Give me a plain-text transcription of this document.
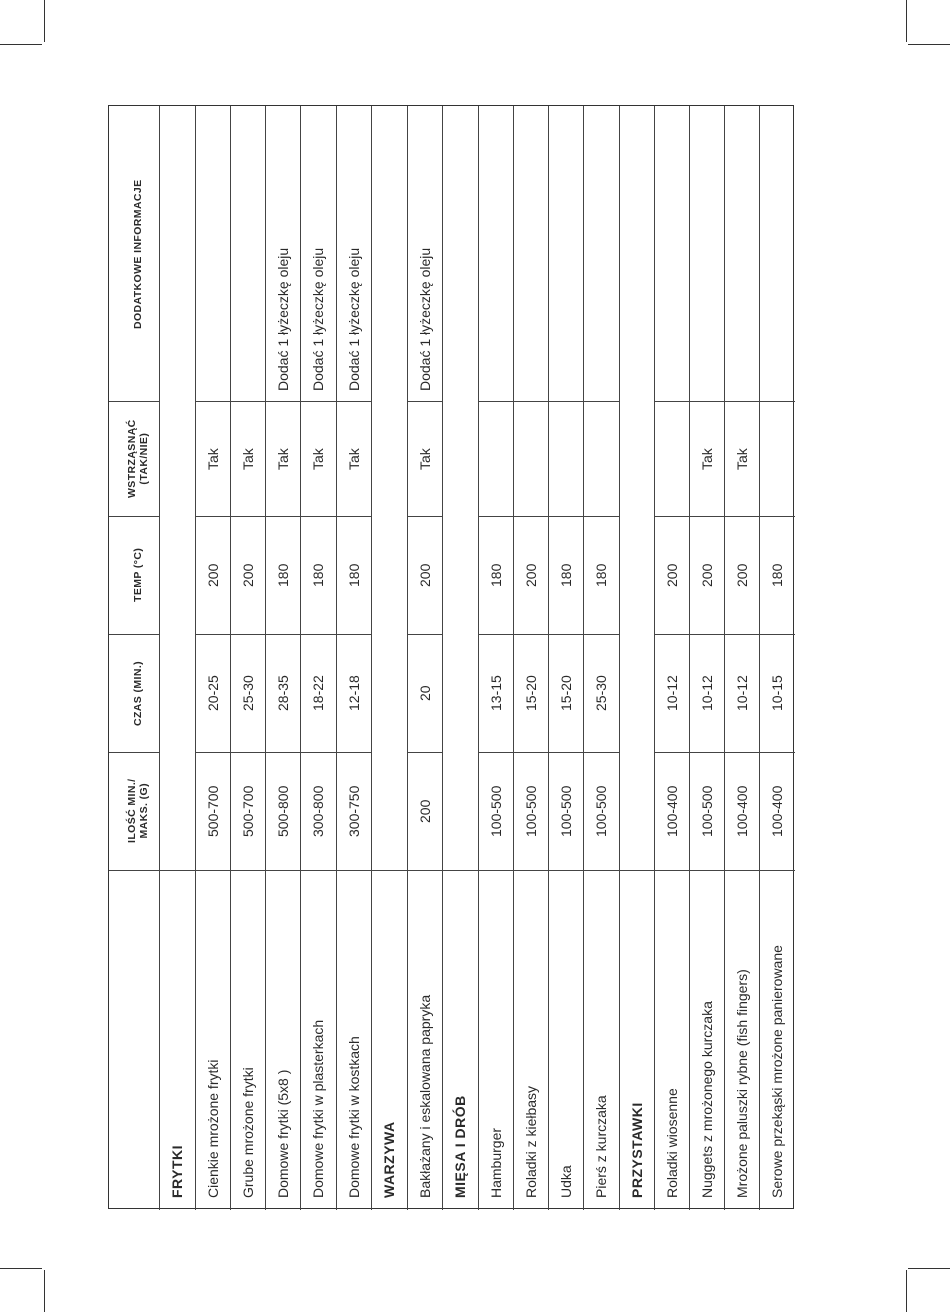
DODATKOWE INFORMACJE
WSTRZĄSNĄĆ (TAK/NIE)
TEMP (°C)
CZAS (MIN.)
ILOŚĆ MIN./ MAKS. (G)
FRYTKI Cienkie mrożone frytki
500-700
20-25
200
Tak
Grube mrożone frytki
500-700
25-30
200
Tak
Domowe frytki (5x8 )
500-800
28-35
180
Tak
Dodać 1 łyżeczkę oleju
Domowe frytki w plasterkach
300-800
18-22
180
Tak
Dodać 1 łyżeczkę oleju
Domowe frytki w kostkach
300-750
12-18
180
Tak
Dodać 1 łyżeczkę oleju
WARZYWA Bakłażany i eskalowana papryka
200
20
200
Tak
Dodać 1 łyżeczkę oleju
MIĘSA I DRÓB Hamburger
100-500
13-15
180
Roladki z kiełbasy
100-500
15-20
200
Udka
100-500
15-20
180
Pierś z kurczaka
100-500
25-30
180
PRZYSTAWKI Roladki wiosenne
100-400
10-12
200
Nuggets z mrożonego kurczaka
100-500
10-12
200
Tak
Mrożone paluszki rybne (fish fingers)
100-400
10-12
200
Tak
Serowe przekąski mrożone panierowane
100-400
10-15
180
